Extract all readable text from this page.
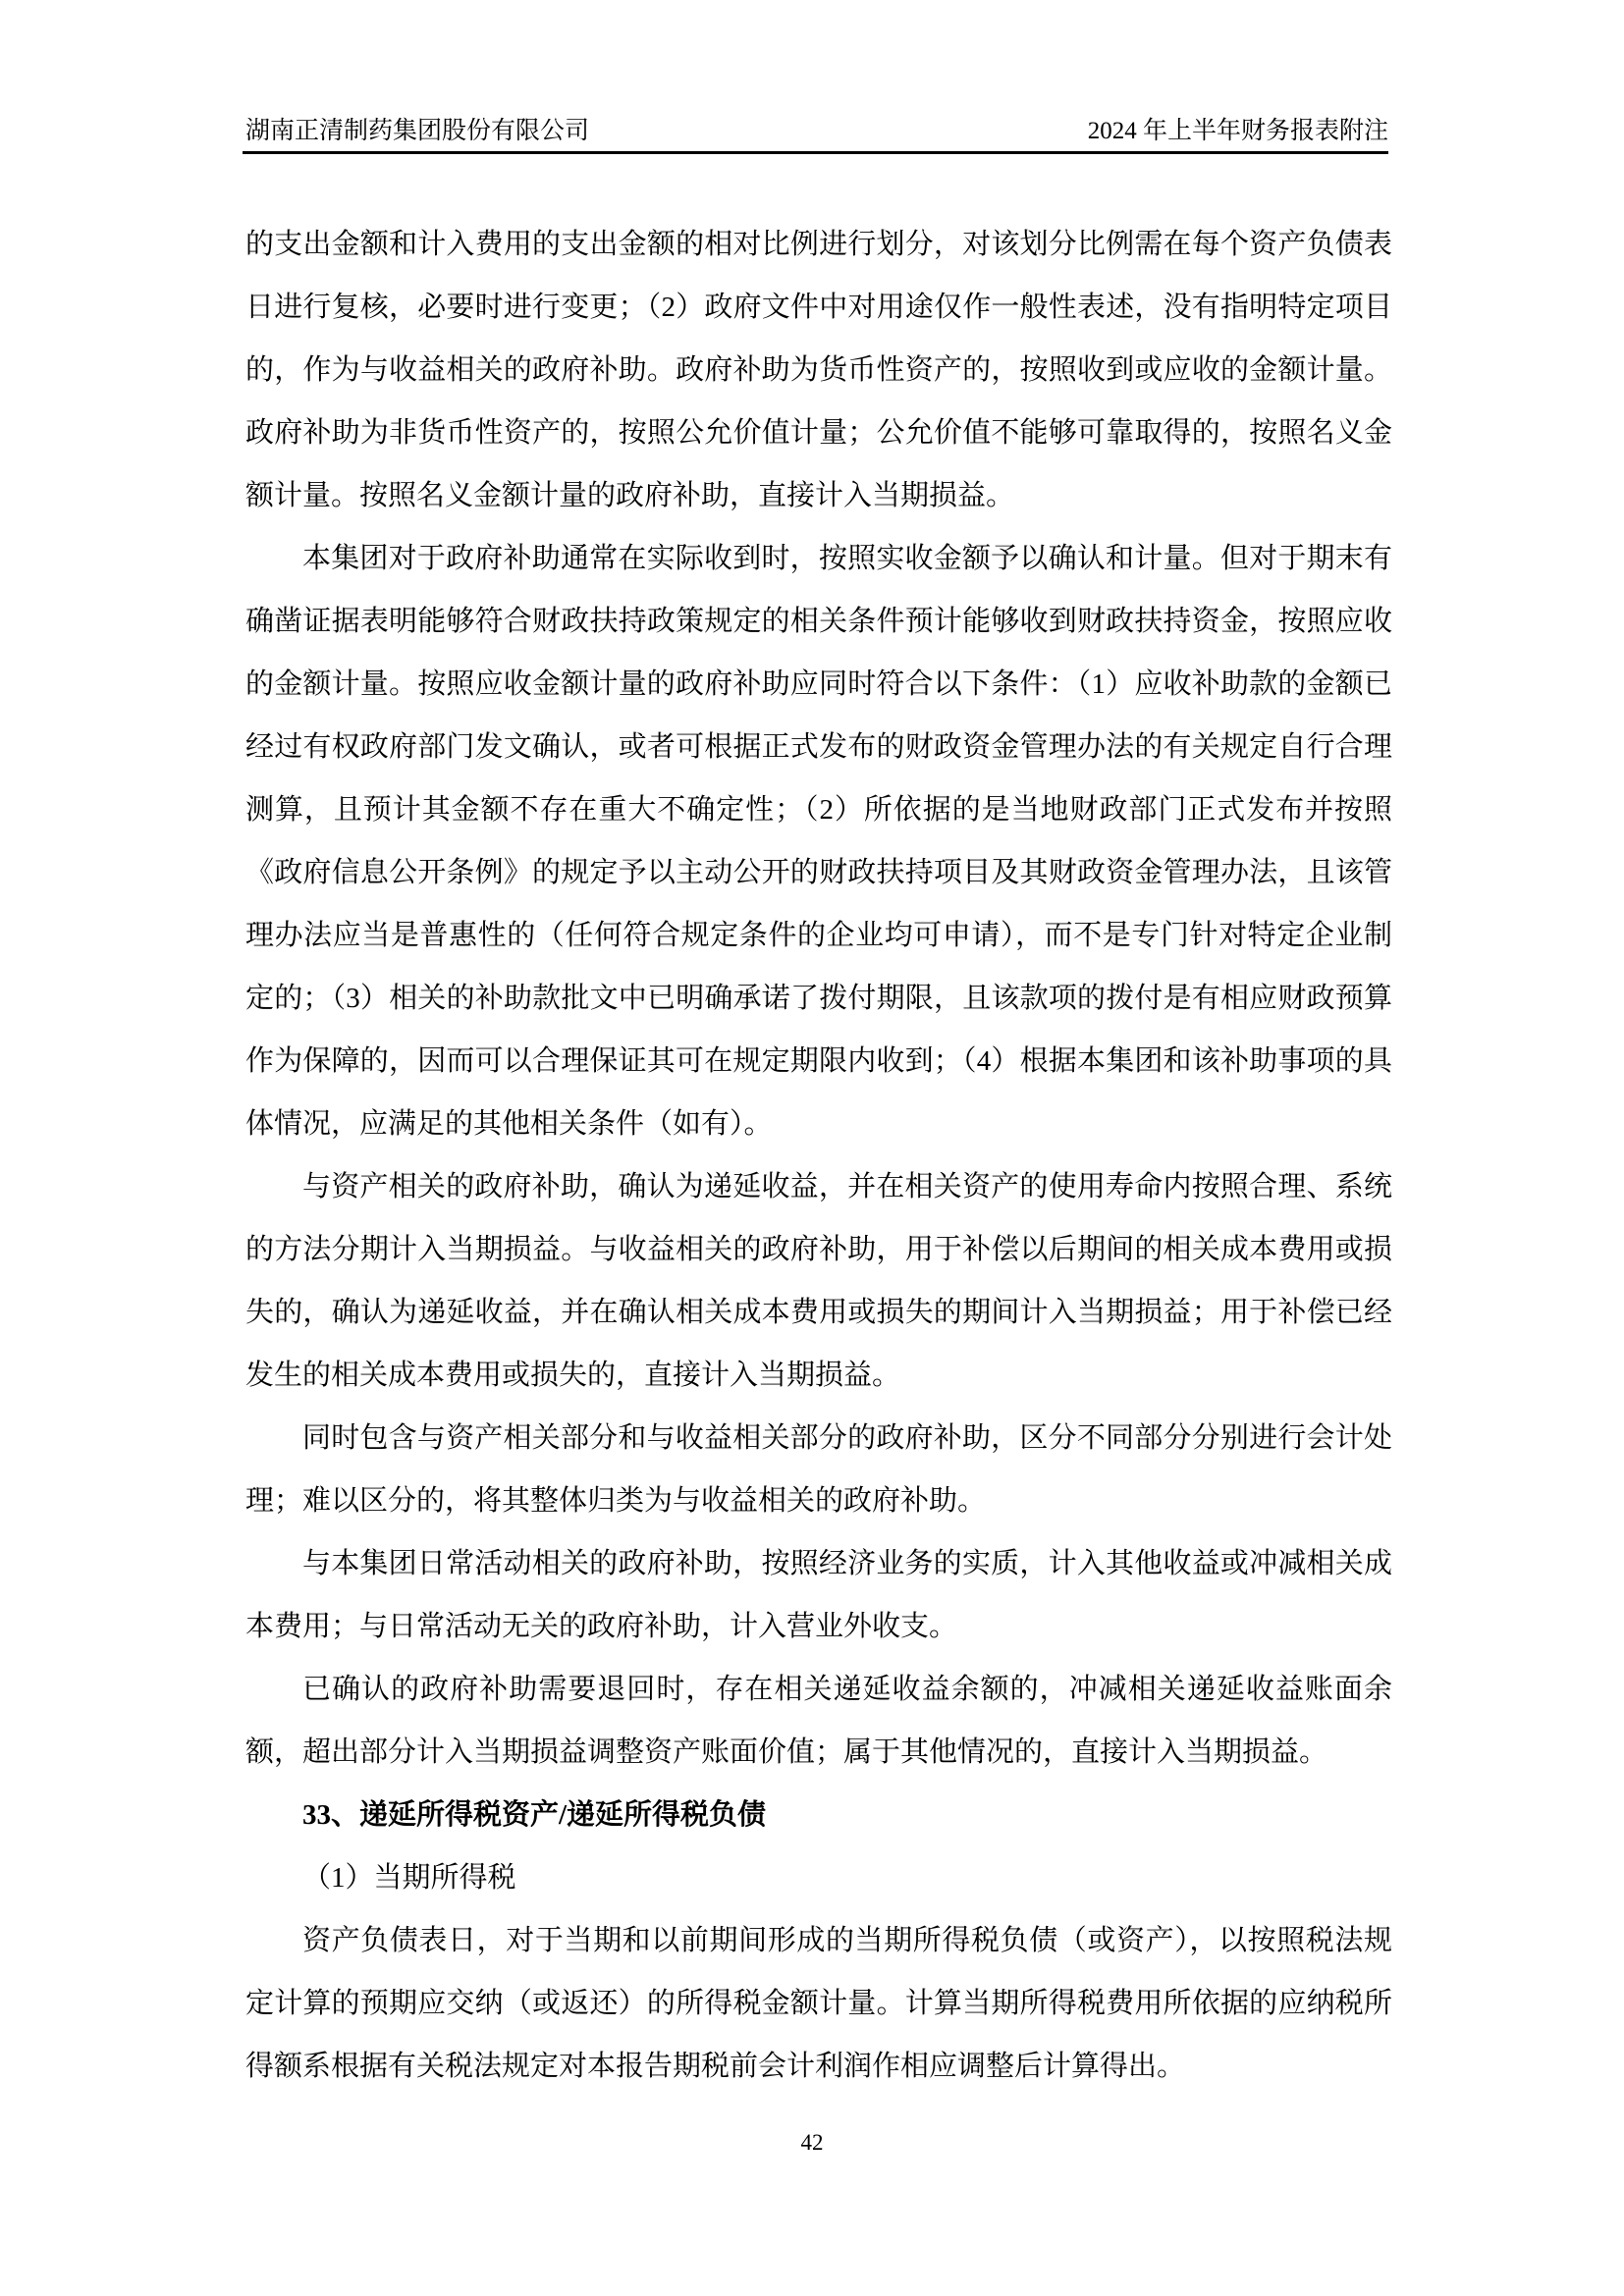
湖南正清制药集团股份有限公司	2024 年上半年财务报表附注

的支出金额和计入费用的支出金额的相对比例进行划分，对该划分比例需在每个资产负债表日进行复核，必要时进行变更；（2）政府文件中对用途仅作一般性表述，没有指明特定项目的，作为与收益相关的政府补助。政府补助为货币性资产的，按照收到或应收的金额计量。政府补助为非货币性资产的，按照公允价值计量；公允价值不能够可靠取得的，按照名义金额计量。按照名义金额计量的政府补助，直接计入当期损益。

本集团对于政府补助通常在实际收到时，按照实收金额予以确认和计量。但对于期末有确凿证据表明能够符合财政扶持政策规定的相关条件预计能够收到财政扶持资金，按照应收的金额计量。按照应收金额计量的政府补助应同时符合以下条件：（1）应收补助款的金额已经过有权政府部门发文确认，或者可根据正式发布的财政资金管理办法的有关规定自行合理测算，且预计其金额不存在重大不确定性；（2）所依据的是当地财政部门正式发布并按照《政府信息公开条例》的规定予以主动公开的财政扶持项目及其财政资金管理办法，且该管理办法应当是普惠性的（任何符合规定条件的企业均可申请），而不是专门针对特定企业制定的；（3）相关的补助款批文中已明确承诺了拨付期限，且该款项的拨付是有相应财政预算作为保障的，因而可以合理保证其可在规定期限内收到；（4）根据本集团和该补助事项的具体情况，应满足的其他相关条件（如有）。

与资产相关的政府补助，确认为递延收益，并在相关资产的使用寿命内按照合理、系统的方法分期计入当期损益。与收益相关的政府补助，用于补偿以后期间的相关成本费用或损失的，确认为递延收益，并在确认相关成本费用或损失的期间计入当期损益；用于补偿已经发生的相关成本费用或损失的，直接计入当期损益。

同时包含与资产相关部分和与收益相关部分的政府补助，区分不同部分分别进行会计处理；难以区分的，将其整体归类为与收益相关的政府补助。

与本集团日常活动相关的政府补助，按照经济业务的实质，计入其他收益或冲减相关成本费用；与日常活动无关的政府补助，计入营业外收支。

已确认的政府补助需要退回时，存在相关递延收益余额的，冲减相关递延收益账面余额，超出部分计入当期损益调整资产账面价值；属于其他情况的，直接计入当期损益。

33、递延所得税资产/递延所得税负债

（1）当期所得税

资产负债表日，对于当期和以前期间形成的当期所得税负债（或资产），以按照税法规定计算的预期应交纳（或返还）的所得税金额计量。计算当期所得税费用所依据的应纳税所得额系根据有关税法规定对本报告期税前会计利润作相应调整后计算得出。

42
